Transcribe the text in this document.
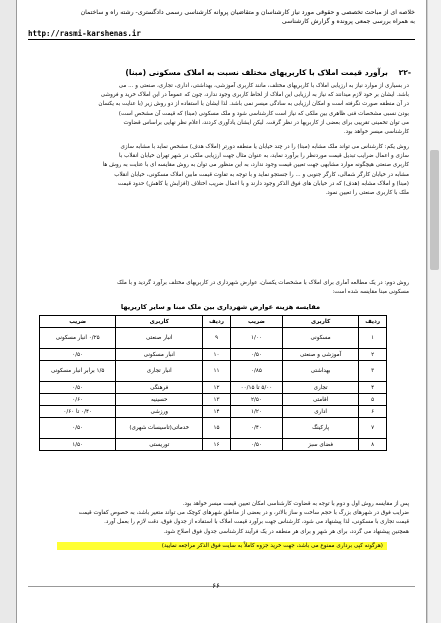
خلاصه ای از مباحث تخصصی و حقوقی مورد نیاز کارشناسان و متقاضیان پروانه کارشناسی رسمی دادگستری- رشته راه و ساختمان
به همراه بررسی جمعی پرونده و گزارش کارشناسی
http://rasmi-karshenas.ir
-۲۲ برآورد قیمت املاک با کاربریهای مختلف نسبت به املاک مسکونی (مبنا)
در بسیاری از موارد نیاز به ارزیابی املاک با کاربریهای مختلف، مانند کاربری آموزشی، بهداشتی، اداری، تجاری، صنعتی و ... می
باشد. ایشان بر خود لازم میدانند که نیاز به ارزیابی این املاک از لحاظ کاربری وجود ندارد، چون که عموماً در این املاک خرید و فروشی
در آن منطقه صورت نگرفته است و امکان ارزیابی به سادگی میسر نمی باشد. لذا ایشان با استفاده از دو روش زیر (با عنایت به یکسان
بودن نسبی مشخصات فنی ظاهری بین ملکی که نیاز است کارشناسی شود و ملک مسکونی (مبنا) که قیمت آن مشخص است)
می توان تخمینی تقریبی برای بعضی از کاربریها در نظر گرفت. لیکن ایشان یادآوری کردند، اعلام نظر نهایی براساس قضاوت
کارشناسی میسر خواهد بود.
روش یکم: کارشناس می تواند ملک مشابه (مبنا) را در چند خیابان یا منطقه دورتر (املاک هدف) مشخص نماید با مشابه سازی
سازی و اعمال ضرایب تبدیل قیمت موردنظر را برآورد نماید، به عنوان مثال جهت ارزیابی ملکی در شهر تهران خیابان انقلاب با
کاربری صنعتی هیچگونه موارد مشابهی جهت تعیین قیمت وجود ندارد، به این منظور می توان به روش مقایسه ای با عنایت به روش ها
مشابه در خیابان کارگر شمالی، کارگر جنوبی و ... را جستجو نماید و با توجه به تفاوت قیمت مابین املاک مسکونی، خیابان انقلاب
(مبنا) و املاک مشابه (هدف) که در خیابان های فوق الذکر وجود دارند و با اعمال ضریب اختلاف (افزایش یا کاهش) حدود قیمت
ملک با کاربری صنعتی را تعیین نمود.
روش دوم: در یک مطالعه آماری برای املاک با مشخصات یکسان، عوارض شهرداری در کاربریهای مختلف برآورد گردید و با ملک
مسکونی مبنا مقایسه شده است:
مقایسه هزینه عوارض شهرداری بین ملک مبنا و سایر کاربریها
ردیف	کاربری	ضریب	ردیف	کاربری	ضریب
۱	مسکونی	۱/۰۰	۹	انبار صنعتی	۰/۲۵ انبار مسکونی
۲	آموزشی و صنعتی	۰/۵۰	۱۰	انبار مسکونی	۰/۵۰
۳	بهداشتی	۰/۸۵	۱۱	انبار تجاری	۱/۵ برابر انبار مسکونی
۴	تجاری	۵/۰۰ تا ۰۰/۱۵	۱۲	فرهنگی	۰/۵۰
۵	اقامتی	۲/۵۰	۱۳	حسینیه	۰/۶۰
۶	اداری	۱/۲۰	۱۴	ورزشی	۰/۴۰ تا ۰/۶۰
۷	پارکینگ	۰/۴۰	۱۵	خدماتی(تاسیسات شهری)	۰/۵۰
۸	فضای سبز	۰/۵۰	۱۶	توریستی	۱/۵۰
پس از مقایسه روش اول و دوم با توجه به قضاوت کارشناسی امکان تعیین قیمت میسر خواهد بود.
ضرایب فوق در شهرهای بزرگ با حجم ساخت و ساز بالاتر، و در بعضی از مناطق شهرهای کوچک می تواند متغیر باشد، به خصوص کفاوت قیمت
قیمت تجاری با مسکونی، لذا پیشنهاد می شود، کارشناس جهت برآورد قیمت املاک با استفاده از جدول فوق، دقت لازم را بعمل آورد.
همچنین پیشنهاد می گردد، برای هر شهر و برای هر منطقه در یک فرآیند کارشناسی جدول فوق اصلاح شود.
(هرگونه کپی برداری ممنوع می باشد، جهت خرید جزوه کاملاً به سایت فوق الذکر مراجعه نمایید)
۶۶
